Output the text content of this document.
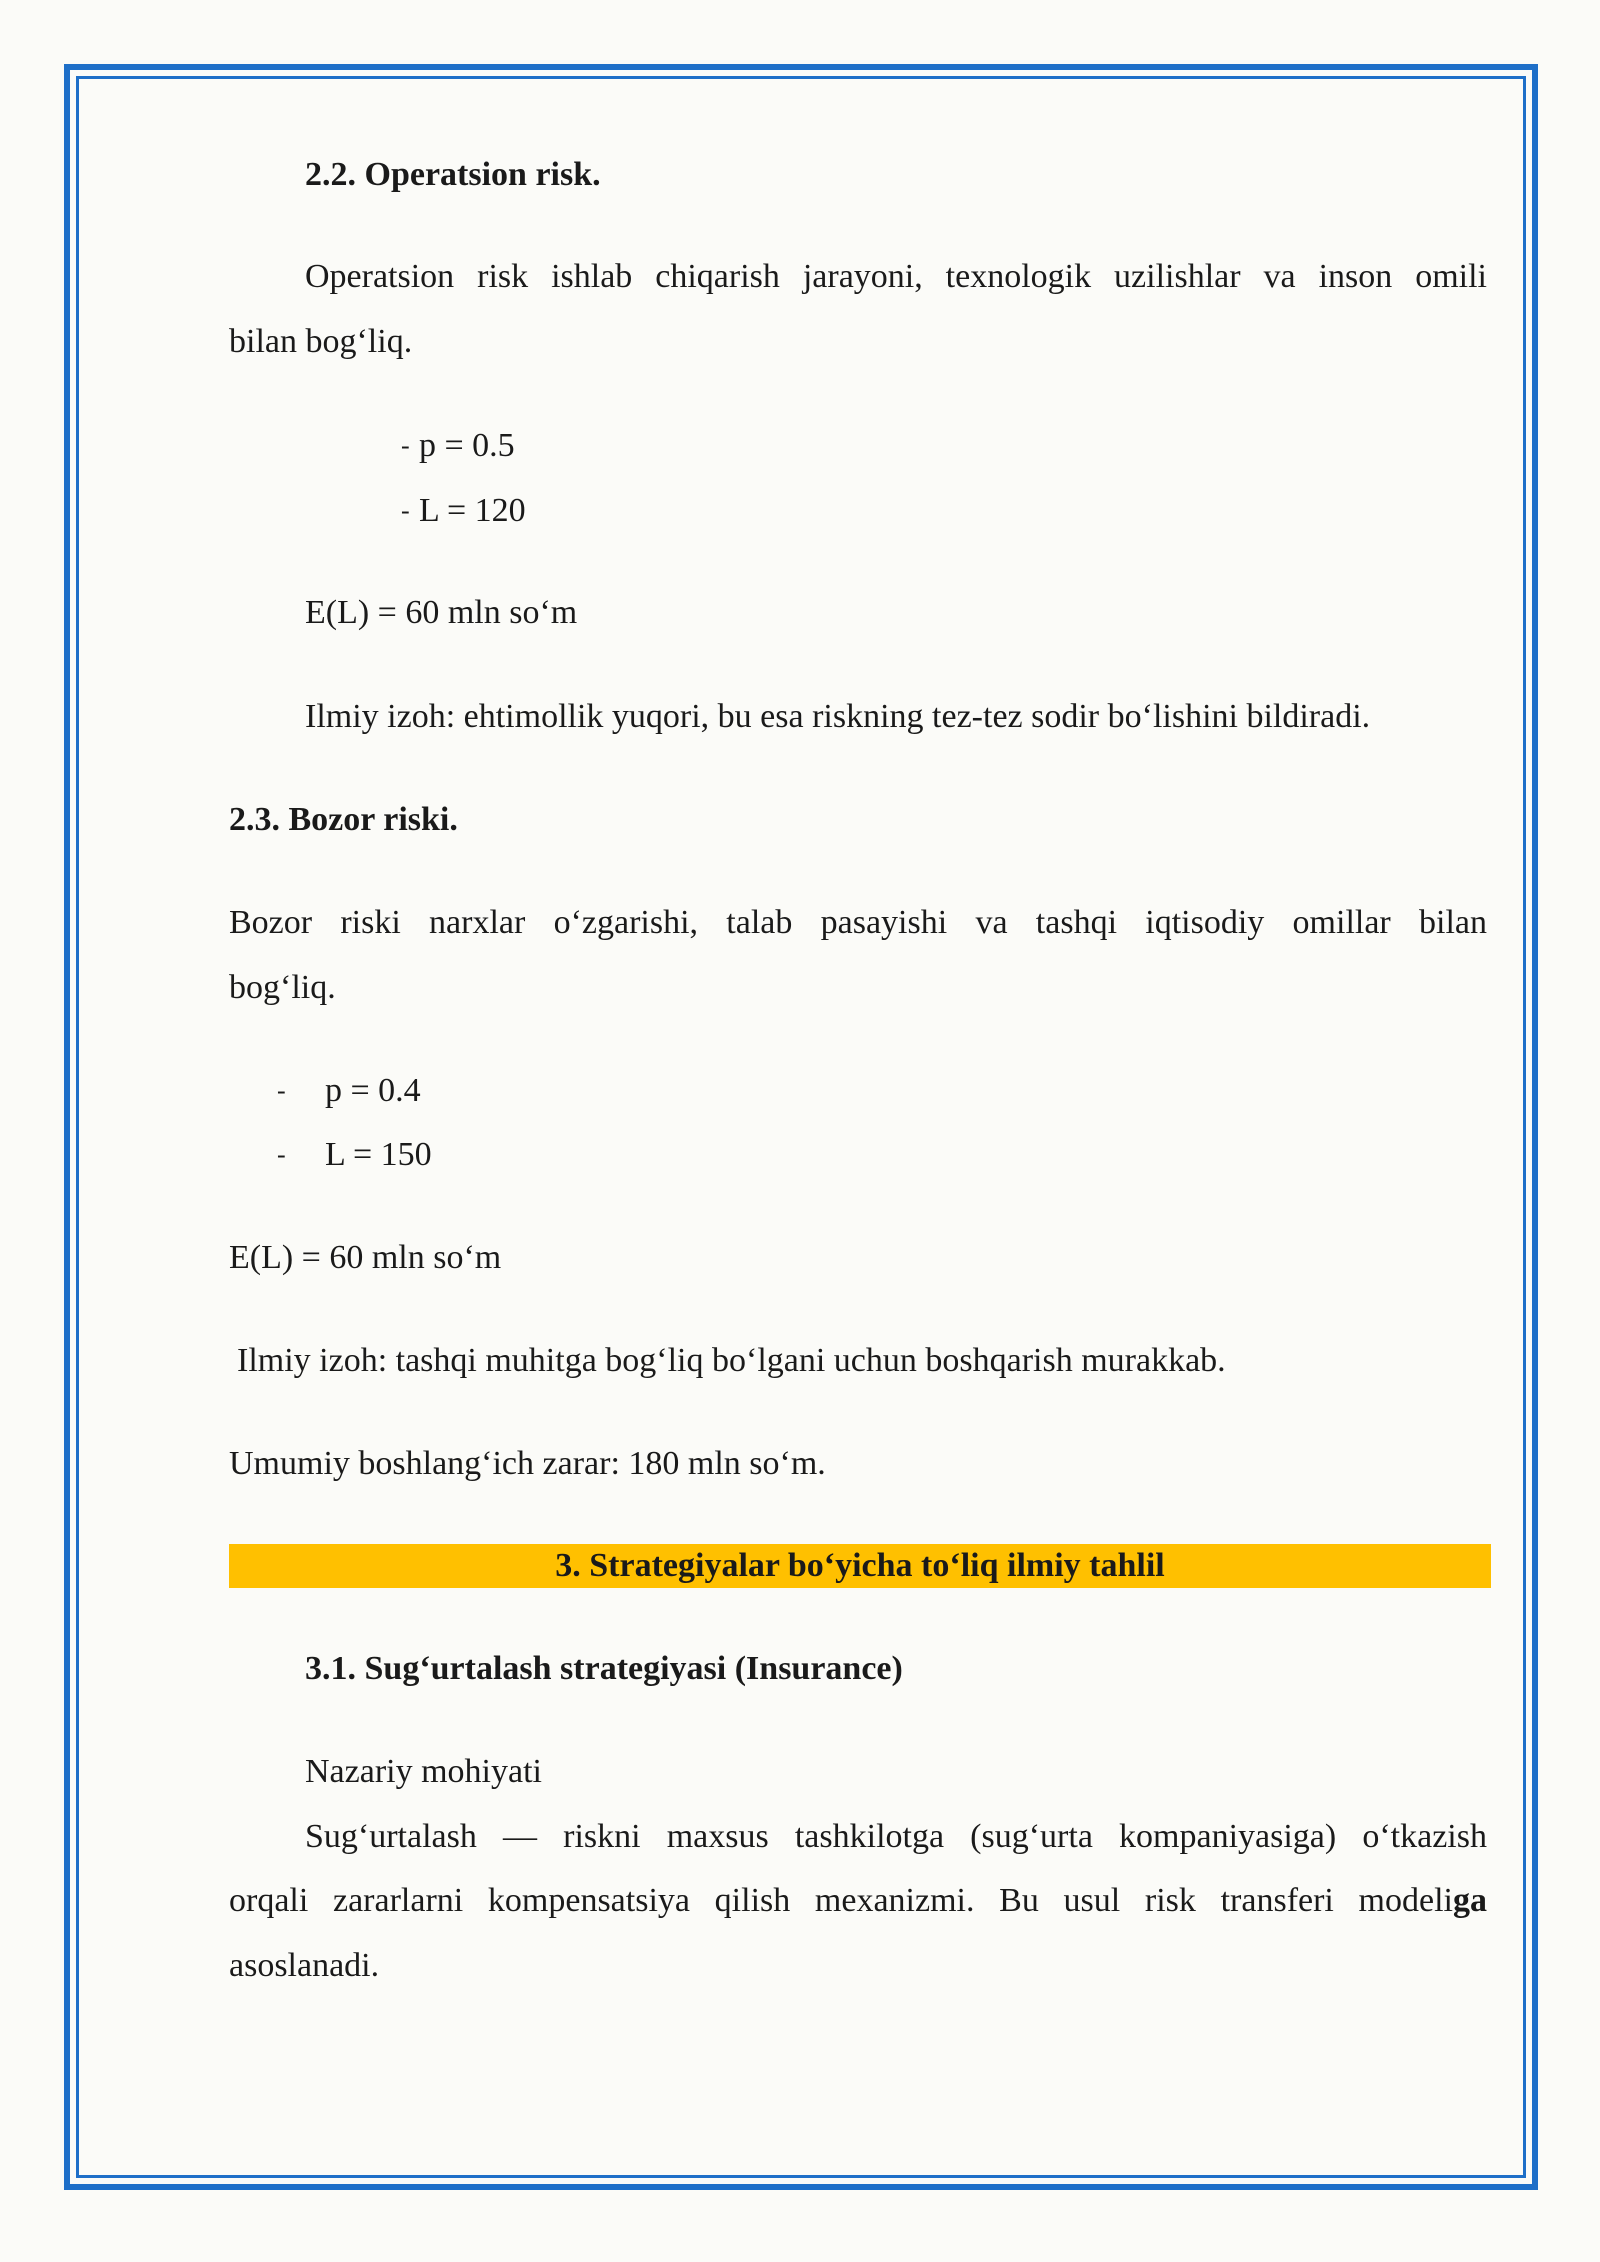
2.2. Operatsion risk.

Operatsion risk ishlab chiqarish jarayoni, texnologik uzilishlar va inson omili

bilan bog‘liq.

- p = 0.5
- L = 120

E(L) = 60 mln so‘m

Ilmiy izoh: ehtimollik yuqori, bu esa riskning tez-tez sodir bo‘lishini bildiradi.

2.3. Bozor riski.

Bozor riski narxlar o‘zgarishi, talab pasayishi va tashqi iqtisodiy omillar bilan

bog‘liq.

- p = 0.4
- L = 150

E(L) = 60 mln so‘m

Ilmiy izoh: tashqi muhitga bog‘liq bo‘lgani uchun boshqarish murakkab.

Umumiy boshlang‘ich zarar: 180 mln so‘m.

3. Strategiyalar bo‘yicha to‘liq ilmiy tahlil

3.1. Sug‘urtalash strategiyasi (Insurance)

Nazariy mohiyati

Sug‘urtalash — riskni maxsus tashkilotga (sug‘urta kompaniyasiga) o‘tkazish

orqali zararlarni kompensatsiya qilish mexanizmi. Bu usul risk transferi modeliga

asoslanadi.
